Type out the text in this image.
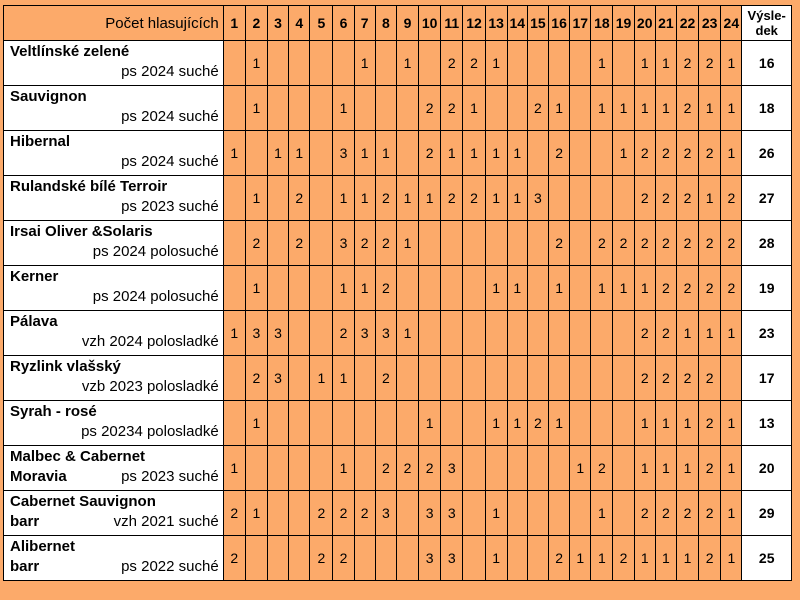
Počet hlasujících	1	2	3	4	5	6	7	8	9	10	11	12	13	14	15	16	17	18	19	20	21	22	23	24	Výsle-
dek

Veltlínské zelené
ps 2024 suché		1					1		1		2	2	1					1		1	1	2	2	1	16

Sauvignon
ps 2024 suché		1				1				2	2	1			2	1		1	1	1	1	2	1	1	18

Hibernal
ps 2024 suché	1		1	1		3	1	1		2	1	1	1	1		2			1	2	2	2	2	1	26

Rulandské bílé Terroir
ps 2023 suché		1		2		1	1	2	1	1	2	2	1	1	3					2	2	2	1	2	27

Irsai Oliver &Solaris
ps 2024 polosuché		2		2		3	2	2	1							2		2	2	2	2	2	2	2	28

Kerner
ps 2024 polosuché		1				1	1	2					1	1		1		1	1	1	2	2	2	2	19

Pálava
vzh 2024 polosladké	1	3	3			2	3	3	1											2	2	1	1	1	23

Ryzlink vlašský
vzb 2023 polosladké		2	3		1	1		2												2	2	2	2		17

Syrah - rosé
ps 20234 polosladké		1								1			1	1	2	1				1	1	1	2	1	13

Malbec & Cabernet
Moravia ps 2023 suché	1					1		2	2	2	3						1	2		1	1	1	2	1	20

Cabernet Sauvignon
barr vzh 2021 suché	2	1			2	2	2	3		3	3		1					1		2	2	2	2	1	29

Alibernet
barr ps 2022 suché	2				2	2				3	3		1			2	1	1	2	1	1	1	2	1	25
